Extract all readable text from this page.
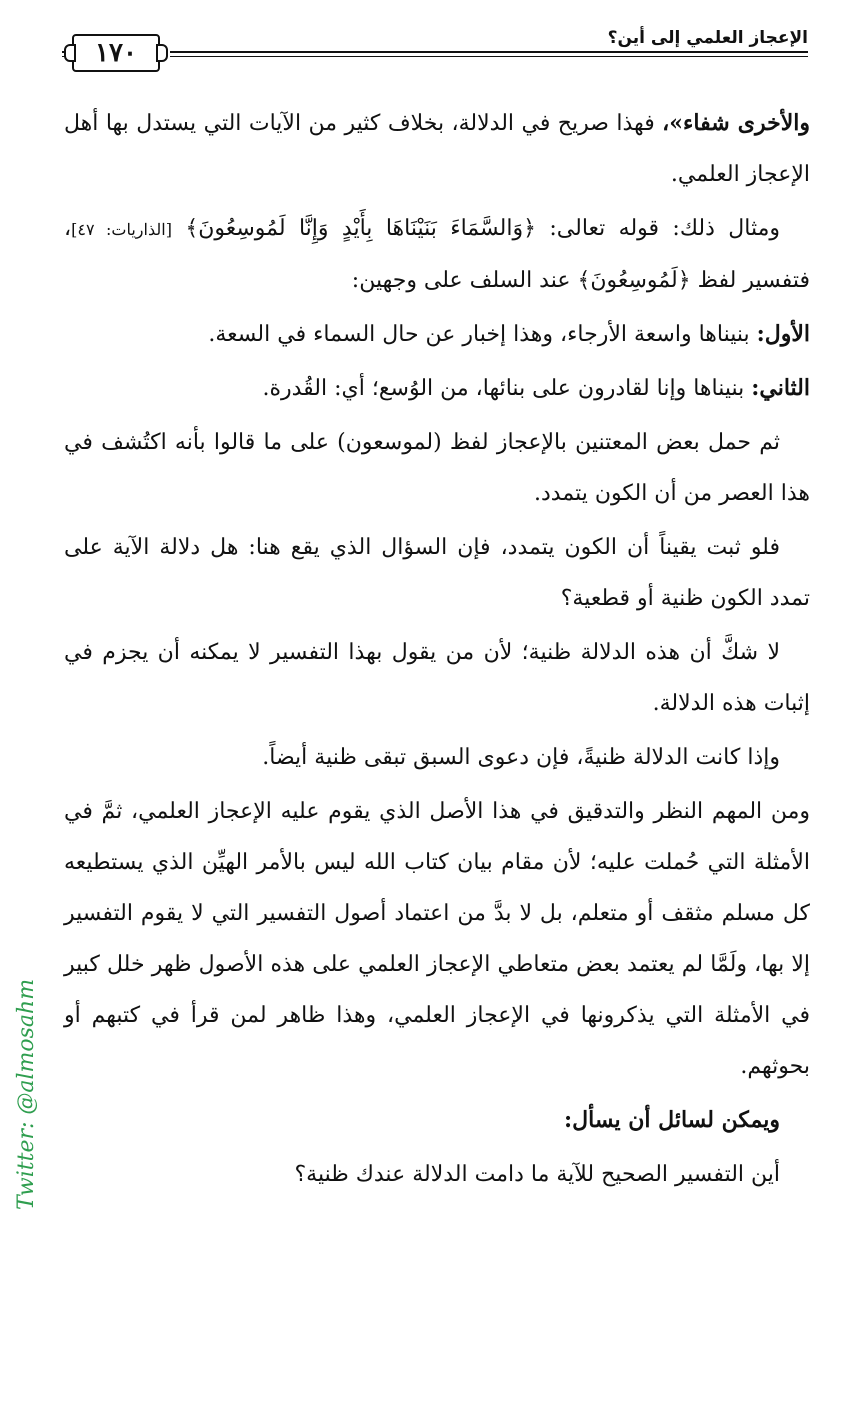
١٧٠	الإعجاز العلمي إلى أين؟

والأخرى شفاء»، فهذا صريح في الدلالة، بخلاف كثير من الآيات التي يستدل بها أهل الإعجاز العلمي.

ومثال ذلك: قوله تعالى: ﴿وَالسَّمَاءَ بَنَيْنَاهَا بِأَيْدٍ وَإِنَّا لَمُوسِعُونَ﴾ [الذاريات: ٤٧]، فتفسير لفظ ﴿لَمُوسِعُونَ﴾ عند السلف على وجهين:

الأول: بنيناها واسعة الأرجاء، وهذا إخبار عن حال السماء في السعة.

الثاني: بنيناها وإنا لقادرون على بنائها، من الوُسع؛ أي: القُدرة.

ثم حمل بعض المعتنين بالإعجاز لفظ (لموسعون) على ما قالوا بأنه اكتُشف في هذا العصر من أن الكون يتمدد.

فلو ثبت يقيناً أن الكون يتمدد، فإن السؤال الذي يقع هنا: هل دلالة الآية على تمدد الكون ظنية أو قطعية؟

لا شكَّ أن هذه الدلالة ظنية؛ لأن من يقول بهذا التفسير لا يمكنه أن يجزم في إثبات هذه الدلالة.

وإذا كانت الدلالة ظنيةً، فإن دعوى السبق تبقى ظنية أيضاً.

ومن المهم النظر والتدقيق في هذا الأصل الذي يقوم عليه الإعجاز العلمي، ثمَّ في الأمثلة التي حُملت عليه؛ لأن مقام بيان كتاب الله ليس بالأمر الهيِّن الذي يستطيعه كل مسلم مثقف أو متعلم، بل لا بدَّ من اعتماد أصول التفسير التي لا يقوم التفسير إلا بها، ولَمَّا لم يعتمد بعض متعاطي الإعجاز العلمي على هذه الأصول ظهر خلل كبير في الأمثلة التي يذكرونها في الإعجاز العلمي، وهذا ظاهر لمن قرأ في كتبهم أو بحوثهم.

ويمكن لسائل أن يسأل:

أين التفسير الصحيح للآية ما دامت الدلالة عندك ظنية؟

Twitter: @almosahm
